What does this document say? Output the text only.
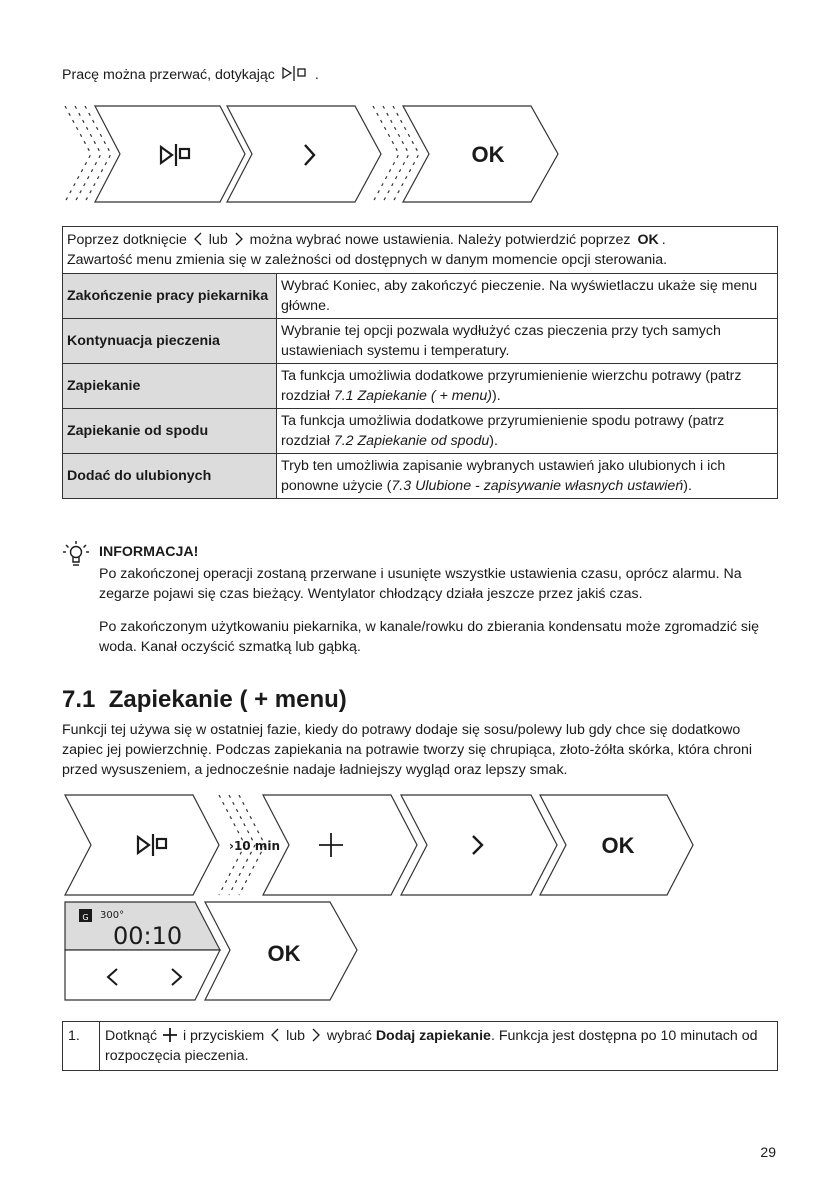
Pracę można przerwać, dotykając	.
OK
Poprzez dotknięcie lub można wybrać nowe ustawienia. Należy potwierdzić poprzez OK .
Zawartość menu zmienia się w zależności od dostępnych w danym momencie opcji sterowania.	
Zakończenie pracy piekarnika	Wybrać Koniec, aby zakończyć pieczenie. Na wyświetlaczu ukaże się menu główne.
Kontynuacja pieczenia	Wybranie tej opcji pozwala wydłużyć czas pieczenia przy tych samych ustawieniach systemu i temperatury.
Zapiekanie	Ta funkcja umożliwia dodatkowe przyrumienienie wierzchu potrawy (patrz rozdział 7.1 Zapiekanie ( + menu)).
Zapiekanie od spodu	Ta funkcja umożliwia dodatkowe przyrumienienie spodu potrawy (patrz rozdział 7.2 Zapiekanie od spodu).
Dodać do ulubionych	Tryb ten umożliwia zapisanie wybranych ustawień jako ulubionych i ich ponowne użycie (7.3 Ulubione - zapisywanie własnych ustawień).
INFORMACJA!
Po zakończonej operacji zostaną przerwane i usunięte wszystkie ustawienia czasu, oprócz alarmu. Na zegarze pojawi się czas bieżący. Wentylator chłodzący działa jeszcze przez jakiś czas.
Po zakończonym użytkowaniu piekarnika, w kanale/rowku do zbierania kondensatu może zgromadzić się woda. Kanał oczyścić szmatką lub gąbką.
7.1 Zapiekanie ( + menu)
Funkcji tej używa się w ostatniej fazie, kiedy do potrawy dodaje się sosu/polewy lub gdy chce się dodatkowo zapiec jej powierzchnię. Podczas zapiekania na potrawie tworzy się chrupiąca, złoto-żółta skórka, która chroni przed wysuszeniem, a jednocześnie nadaje ładniejszy wygląd oraz lepszy smak.
›10 min	OK
G 300°
00:10
OK
1.	Dotknąć i przyciskiem lub wybrać Dodaj zapiekanie. Funkcja jest dostępna po 10 minutach od rozpoczęcia pieczenia.
29
